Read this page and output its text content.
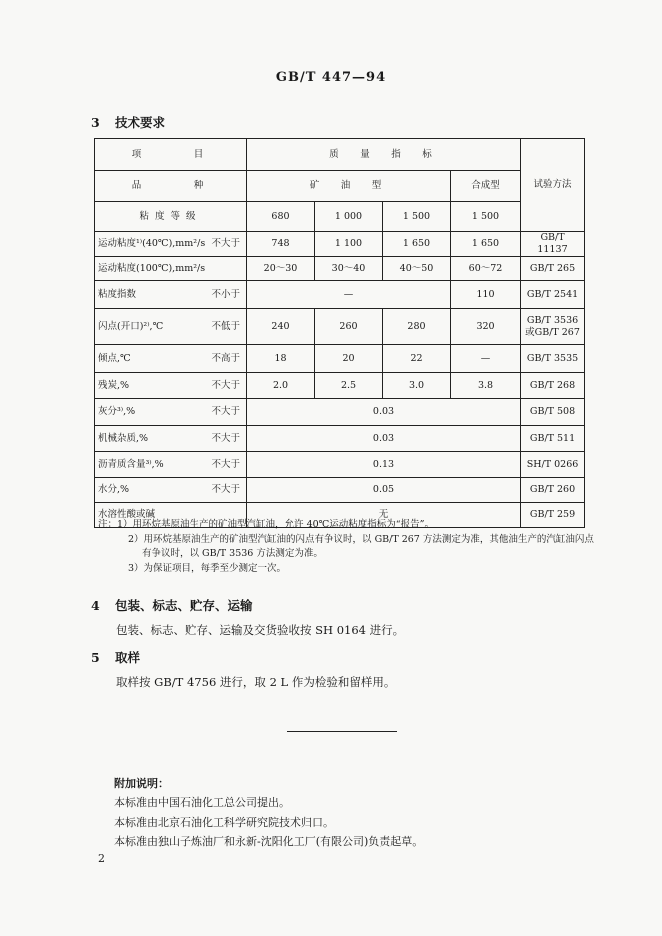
GB/T 447—94
3 技术要求
项　　　目	质　量　指　标				试验方法
品　　　种	矿　油　型			合成型	
粘度等级	680	1 000	1 500	1 500	
运动粘度¹⁾(40℃),mm²/s 不大于	748	1 100	1 650	1 650	GB/T 11137
运动粘度(100℃),mm²/s	20～30	30～40	40～50	60～72	GB/T 265
粘度指数 不小于	—			110	GB/T 2541
闪点(开口)²⁾,℃ 不低于	240	260	280	320	GB/T 3536
或GB/T 267
倾点,℃ 不高于	18	20	22	—	GB/T 3535
残炭,% 不大于	2.0	2.5	3.0	3.8	GB/T 268
灰分³⁾,% 不大于	0.03				GB/T 508
机械杂质,% 不大于	0.03				GB/T 511
沥青质含量³⁾,% 不大于	0.13				SH/T 0266
水分,% 不大于	0.05				GB/T 260
水溶性酸或碱	无				GB/T 259
注：1）用环烷基原油生产的矿油型汽缸油，允许 40℃运动粘度指标为“报告”。
2）用环烷基原油生产的矿油型汽缸油的闪点有争议时，以 GB/T 267 方法测定为准，其他油生产的汽缸油闪点
有争议时，以 GB/T 3536 方法测定为准。
3）为保证项目，每季至少测定一次。
4 包装、标志、贮存、运输
包装、标志、贮存、运输及交货验收按 SH 0164 进行。
5 取样
取样按 GB/T 4756 进行，取 2 L 作为检验和留样用。
附加说明：
本标准由中国石油化工总公司提出。
本标准由北京石油化工科学研究院技术归口。
本标准由独山子炼油厂和永新-沈阳化工厂(有限公司)负责起草。
2
